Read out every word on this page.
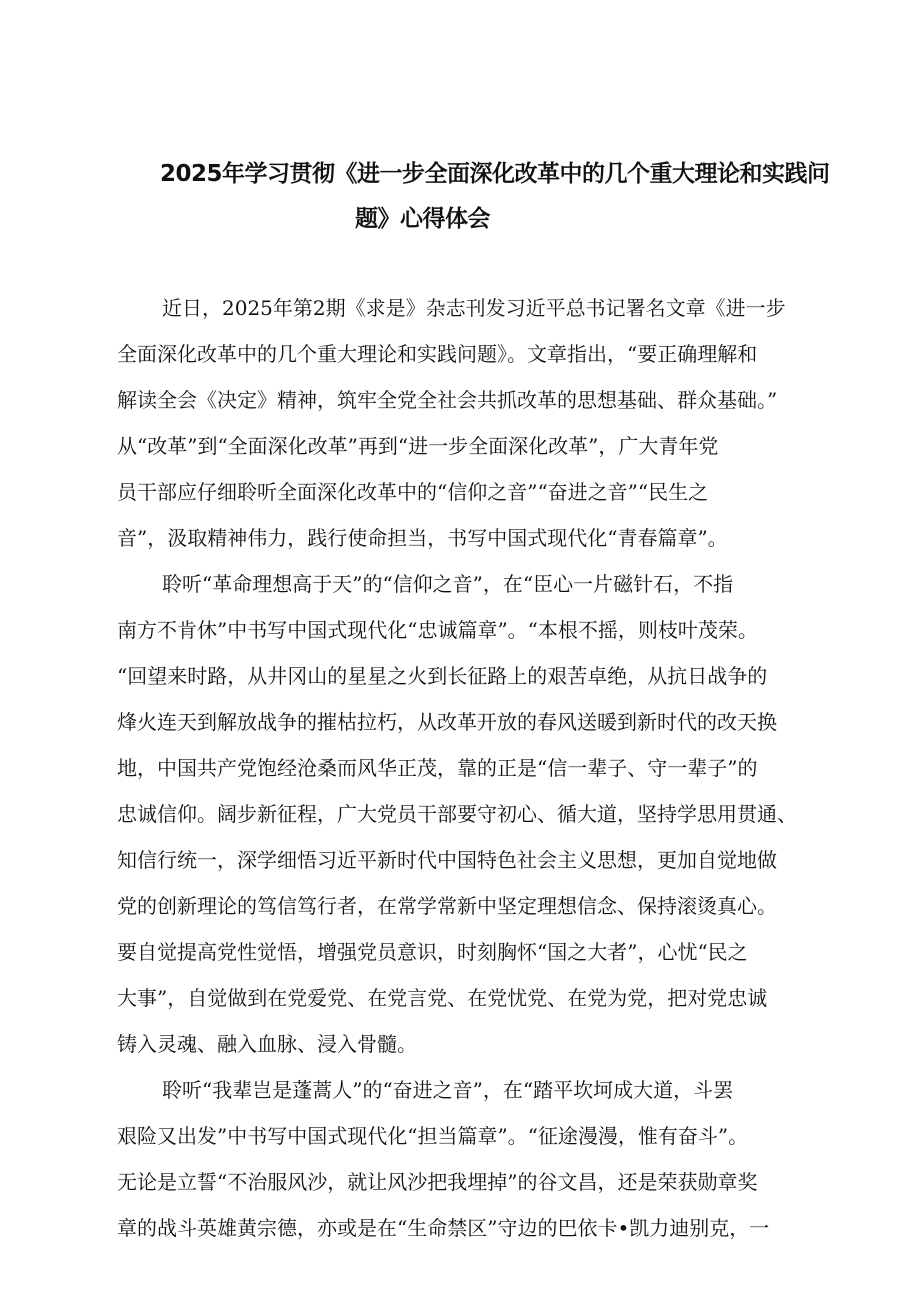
2025年学习贯彻《进一步全面深化改革中的几个重大理论和实践问
题》心得体会

近日，2025年第2期《求是》杂志刊发习近平总书记署名文章《进一步
全面深化改革中的几个重大理论和实践问题》。文章指出，“要正确理解和
解读全会《决定》精神，筑牢全党全社会共抓改革的思想基础、群众基础。”
从“改革”到“全面深化改革”再到“进一步全面深化改革”，广大青年党
员干部应仔细聆听全面深化改革中的“信仰之音”“奋进之音”“民生之
音”，汲取精神伟力，践行使命担当，书写中国式现代化“青春篇章”。

聆听“革命理想高于天”的“信仰之音”，在“臣心一片磁针石，不指
南方不肯休”中书写中国式现代化“忠诚篇章”。“本根不摇，则枝叶茂荣。
“回望来时路，从井冈山的星星之火到长征路上的艰苦卓绝，从抗日战争的
烽火连天到解放战争的摧枯拉朽，从改革开放的春风送暖到新时代的改天换
地，中国共产党饱经沧桑而风华正茂，靠的正是“信一辈子、守一辈子”的
忠诚信仰。阔步新征程，广大党员干部要守初心、循大道，坚持学思用贯通、
知信行统一，深学细悟习近平新时代中国特色社会主义思想，更加自觉地做
党的创新理论的笃信笃行者，在常学常新中坚定理想信念、保持滚烫真心。
要自觉提高党性觉悟，增强党员意识，时刻胸怀“国之大者”，心忧“民之
大事”，自觉做到在党爱党、在党言党、在党忧党、在党为党，把对党忠诚
铸入灵魂、融入血脉、浸入骨髓。

聆听“我辈岂是蓬蒿人”的“奋进之音”，在“踏平坎坷成大道，斗罢
艰险又出发”中书写中国式现代化“担当篇章”。“征途漫漫，惟有奋斗”。
无论是立誓“不治服风沙，就让风沙把我埋掉”的谷文昌，还是荣获勋章奖
章的战斗英雄黄宗德，亦或是在“生命禁区”守边的巴依卡•凯力迪别克，一
